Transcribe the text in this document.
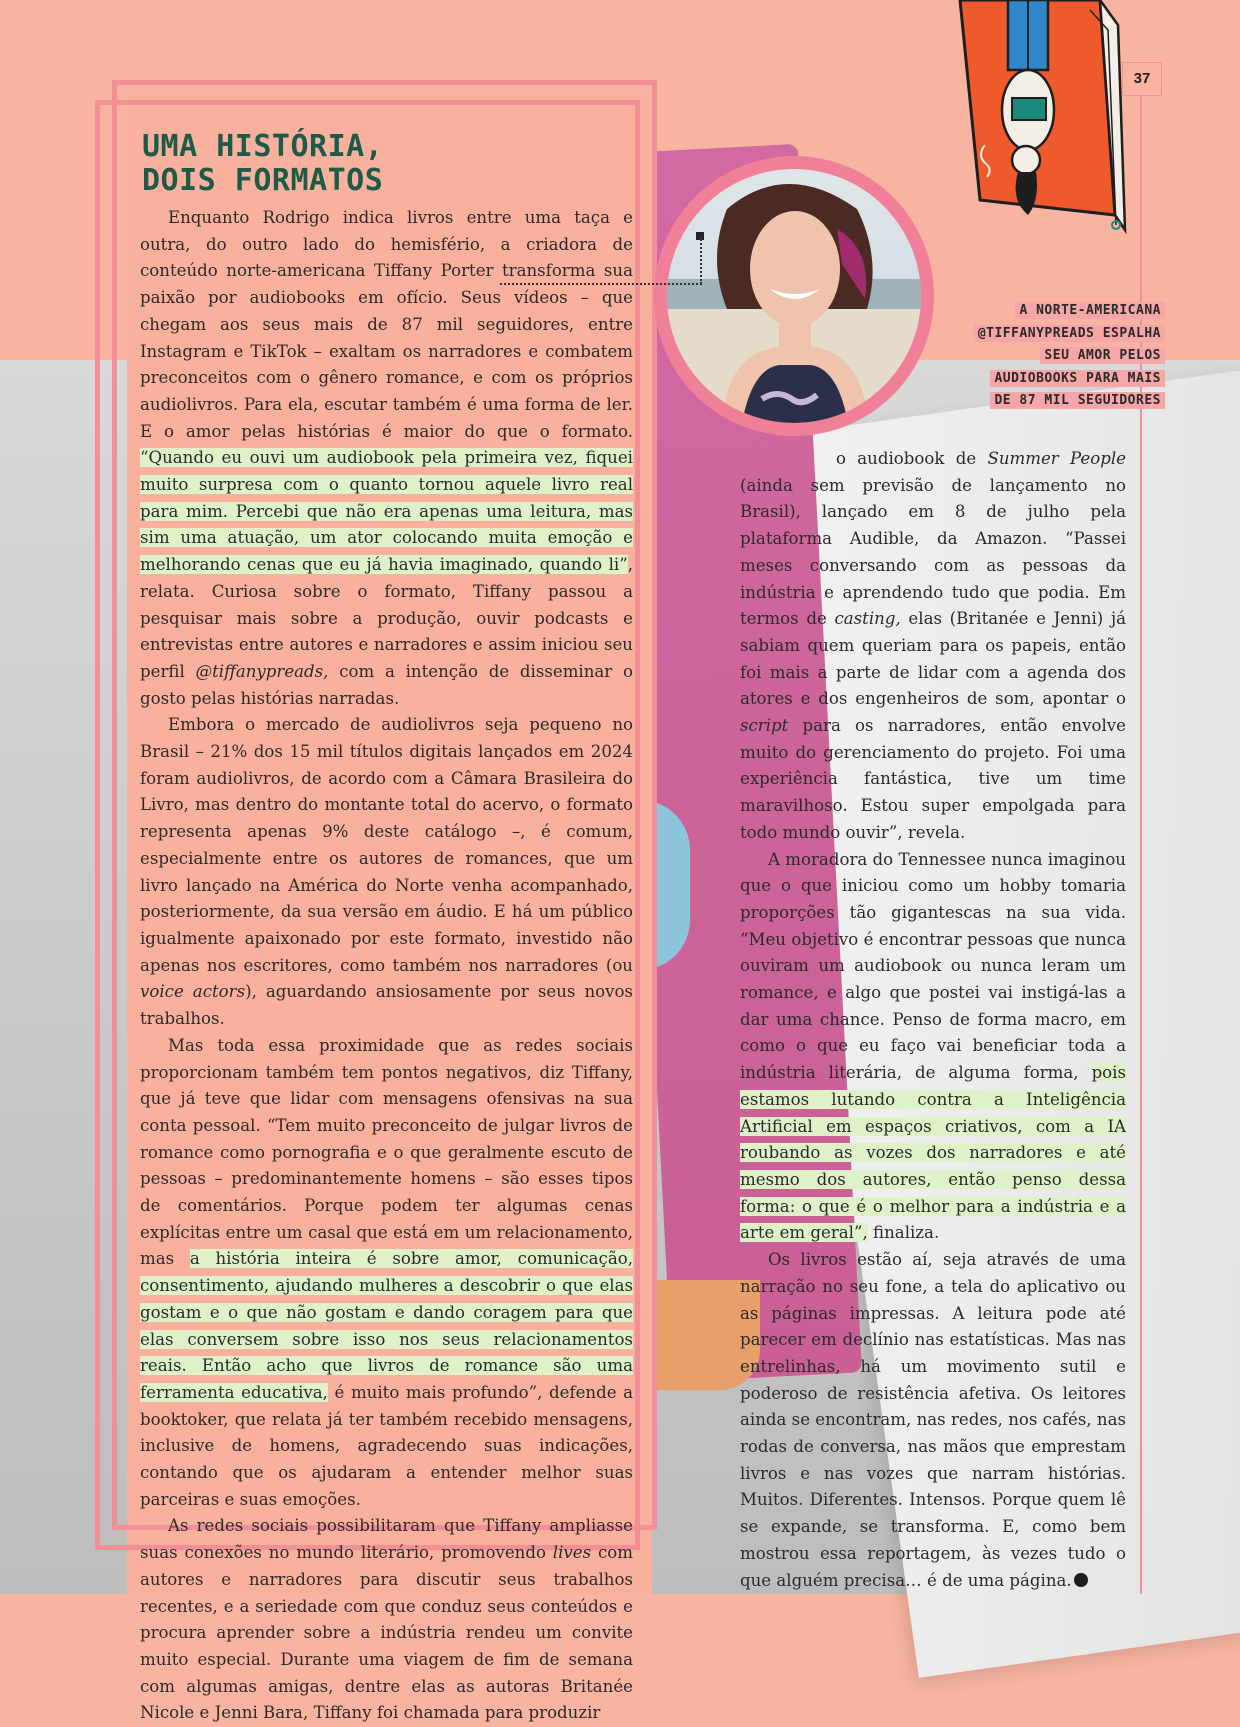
37
UMA HISTÓRIA,
DOIS FORMATOS
A NORTE-AMERICANA
@TIFFANYPREADS ESPALHA
SEU AMOR PELOS
AUDIOBOOKS PARA MAIS
DE 87 MIL SEGUIDORES

Enquanto Rodrigo indica livros entre uma taça e outra, do outro lado do hemisfério, a criadora de conteúdo norte-americana Tiffany Porter transforma sua paixão por audiobooks em ofício. Seus vídeos – que chegam aos seus mais de 87 mil seguidores, entre Instagram e TikTok – exaltam os narradores e combatem preconceitos com o gênero romance, e com os próprios audiolivros. Para ela, escutar também é uma forma de ler. E o amor pelas histórias é maior do que o formato. “Quando eu ouvi um audiobook pela primeira vez, fiquei muito surpresa com o quanto tornou aquele livro real para mim. Percebi que não era apenas uma leitura, mas sim uma atuação, um ator colocando muita emoção e melhorando cenas que eu já havia imaginado, quando li”, relata. Curiosa sobre o formato, Tiffany passou a pesquisar mais sobre a produção, ouvir podcasts e entrevistas entre autores e narradores e assim iniciou seu perfil @tiffanypreads, com a intenção de disseminar o gosto pelas histórias narradas.

Embora o mercado de audiolivros seja pequeno no Brasil – 21% dos 15 mil títulos digitais lançados em 2024 foram audiolivros, de acordo com a Câmara Brasileira do Livro, mas dentro do montante total do acervo, o formato representa apenas 9% deste catálogo –, é comum, especialmente entre os autores de romances, que um livro lançado na América do Norte venha acompanhado, posteriormente, da sua versão em áudio. E há um público igualmente apaixonado por este formato, investido não apenas nos escritores, como também nos narradores (ou voice actors), aguardando ansiosamente por seus novos trabalhos.

Mas toda essa proximidade que as redes sociais proporcionam também tem pontos negativos, diz Tiffany, que já teve que lidar com mensagens ofensivas na sua conta pessoal. “Tem muito preconceito de julgar livros de romance como pornografia e o que geralmente escuto de pessoas – predominantemente homens – são esses tipos de comentários. Porque podem ter algumas cenas explícitas entre um casal que está em um relacionamento, mas a história inteira é sobre amor, comunicação, consentimento, ajudando mulheres a descobrir o que elas gostam e o que não gostam e dando coragem para que elas conversem sobre isso nos seus relacionamentos reais. Então acho que livros de romance são uma ferramenta educativa, é muito mais profundo”, defende a booktoker, que relata já ter também recebido mensagens, inclusive de homens, agradecendo suas indicações, contando que os ajudaram a entender melhor suas parceiras e suas emoções.

As redes sociais possibilitaram que Tiffany ampliasse suas conexões no mundo literário, promovendo lives com autores e narradores para discutir seus trabalhos recentes, e a seriedade com que conduz seus conteúdos e procura aprender sobre a indústria rendeu um convite muito especial. Durante uma viagem de fim de semana com algumas amigas, dentre elas as autoras Britanée Nicole e Jenni Bara, Tiffany foi chamada para produzir

o audiobook de Summer People (ainda sem previsão de lançamento no Brasil), lançado em 8 de julho pela plataforma Audible, da Amazon. “Passei meses conversando com as pessoas da indústria e aprendendo tudo que podia. Em termos de casting, elas (Britanée e Jenni) já sabiam quem queriam para os papeis, então foi mais a parte de lidar com a agenda dos atores e dos engenheiros de som, apontar o script para os narradores, então envolve muito do gerenciamento do projeto. Foi uma experiência fantástica, tive um time maravilhoso. Estou super empolgada para todo mundo ouvir”, revela.

A moradora do Tennessee nunca imaginou que o que iniciou como um hobby tomaria proporções tão gigantescas na sua vida. “Meu objetivo é encontrar pessoas que nunca ouviram um audiobook ou nunca leram um romance, e algo que postei vai instigá-las a dar uma chance. Penso de forma macro, em como o que eu faço vai beneficiar toda a indústria literária, de alguma forma, pois estamos lutando contra a Inteligência Artificial em espaços criativos, com a IA roubando as vozes dos narradores e até mesmo dos autores, então penso dessa forma: o que é o melhor para a indústria e a arte em geral”, finaliza.

Os livros estão aí, seja através de uma narração no seu fone, a tela do aplicativo ou as páginas impressas. A leitura pode até parecer em declínio nas estatísticas. Mas nas entrelinhas, há um movimento sutil e poderoso de resistência afetiva. Os leitores ainda se encontram, nas redes, nos cafés, nas rodas de conversa, nas mãos que emprestam livros e nas vozes que narram histórias. Muitos. Diferentes. Intensos. Porque quem lê se expande, se transforma. E, como bem mostrou essa reportagem, às vezes tudo o que alguém precisa… é de uma página.
